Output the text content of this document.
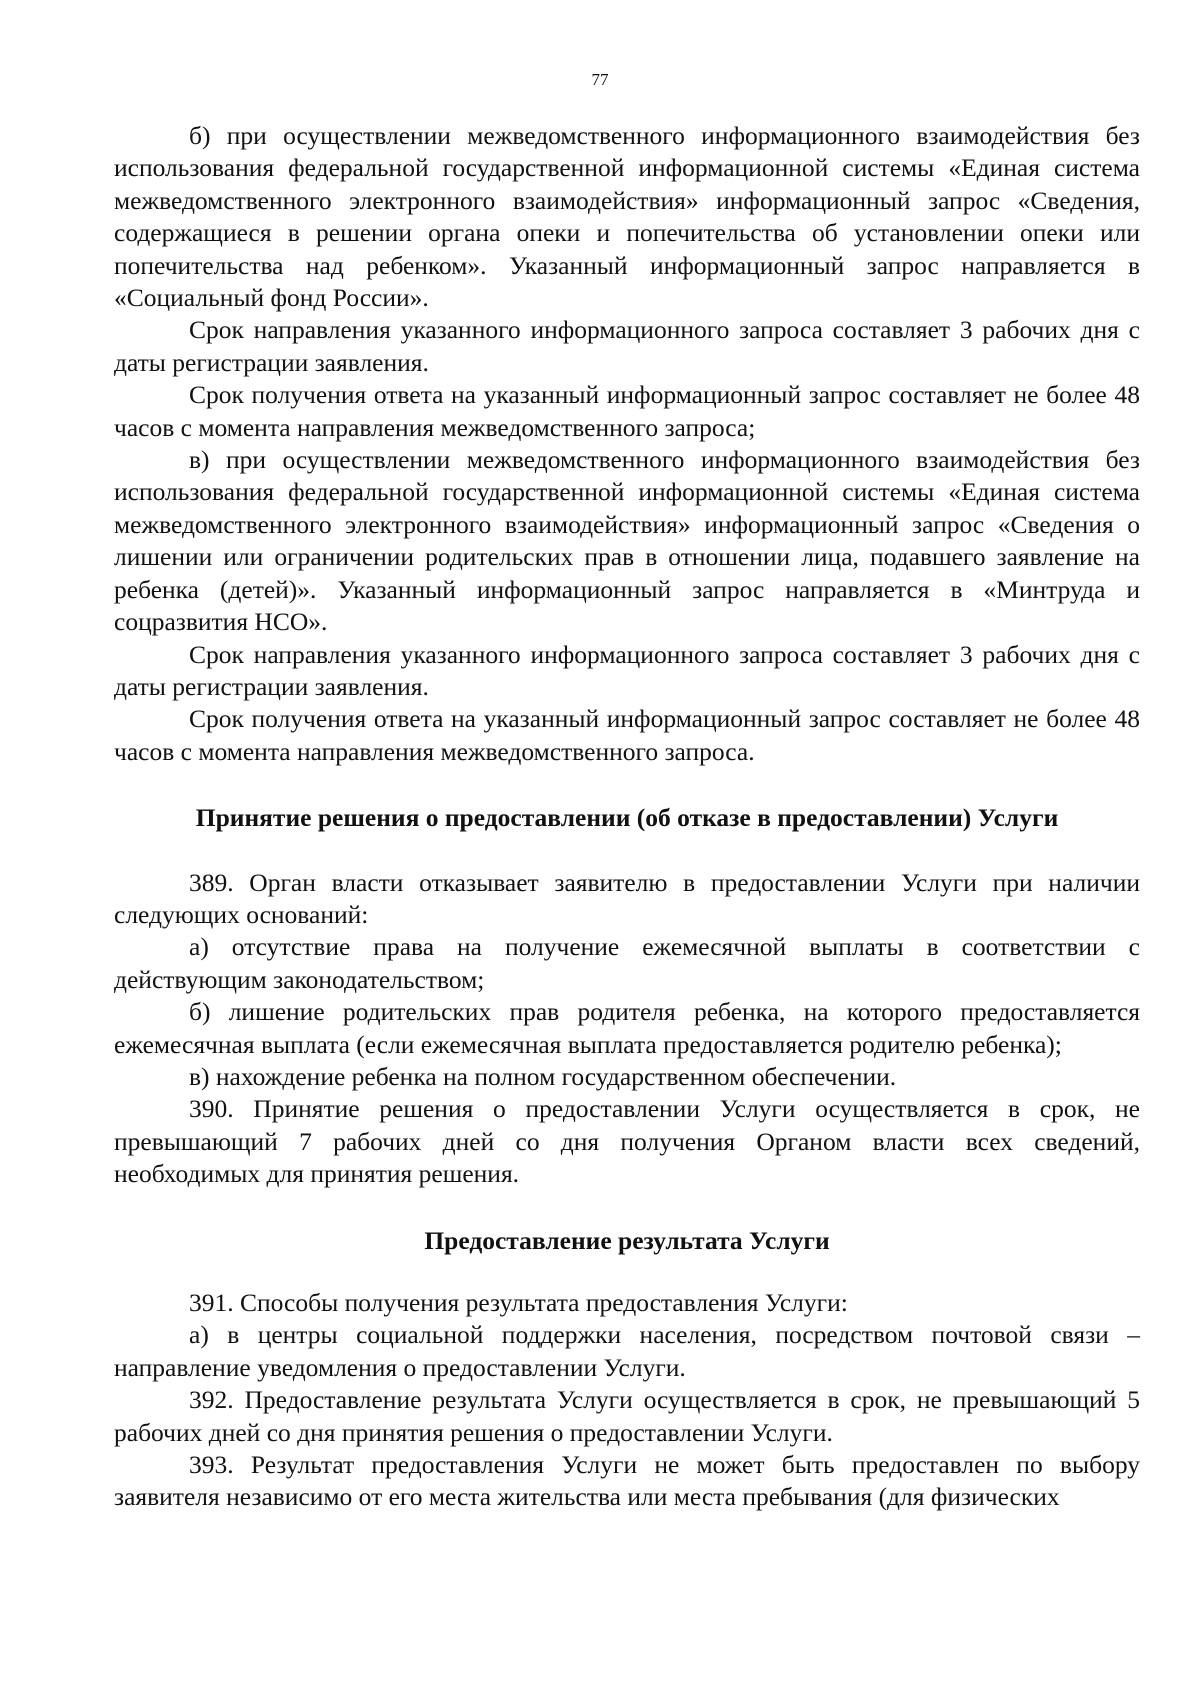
77

б) при осуществлении межведомственного информационного взаимодействия без использования федеральной государственной информационной системы «Единая система межведомственного электронного взаимодействия» информационный запрос «Сведения, содержащиеся в решении органа опеки и попечительства об установлении опеки или попечительства над ребенком». Указанный информационный запрос направляется в «Социальный фонд России».

Срок направления указанного информационного запроса составляет 3 рабочих дня с даты регистрации заявления.

Срок получения ответа на указанный информационный запрос составляет не более 48 часов с момента направления межведомственного запроса;

в) при осуществлении межведомственного информационного взаимодействия без использования федеральной государственной информационной системы «Единая система межведомственного электронного взаимодействия» информационный запрос «Сведения о лишении или ограничении родительских прав в отношении лица, подавшего заявление на ребенка (детей)». Указанный информационный запрос направляется в «Минтруда и соцразвития НСО».

Срок направления указанного информационного запроса составляет 3 рабочих дня с даты регистрации заявления.

Срок получения ответа на указанный информационный запрос составляет не более 48 часов с момента направления межведомственного запроса.

Принятие решения о предоставлении (об отказе в предоставлении) Услуги

389. Орган власти отказывает заявителю в предоставлении Услуги при наличии следующих оснований:

а) отсутствие права на получение ежемесячной выплаты в соответствии с действующим законодательством;

б) лишение родительских прав родителя ребенка, на которого предоставляется ежемесячная выплата (если ежемесячная выплата предоставляется родителю ребенка);

в) нахождение ребенка на полном государственном обеспечении.

390. Принятие решения о предоставлении Услуги осуществляется в срок, не превышающий 7 рабочих дней со дня получения Органом власти всех сведений, необходимых для принятия решения.

Предоставление результата Услуги

391. Способы получения результата предоставления Услуги:

а) в центры социальной поддержки населения, посредством почтовой связи – направление уведомления о предоставлении Услуги.

392. Предоставление результата Услуги осуществляется в срок, не превышающий 5 рабочих дней со дня принятия решения о предоставлении Услуги.

393. Результат предоставления Услуги не может быть предоставлен по выбору заявителя независимо от его места жительства или места пребывания (для физических
